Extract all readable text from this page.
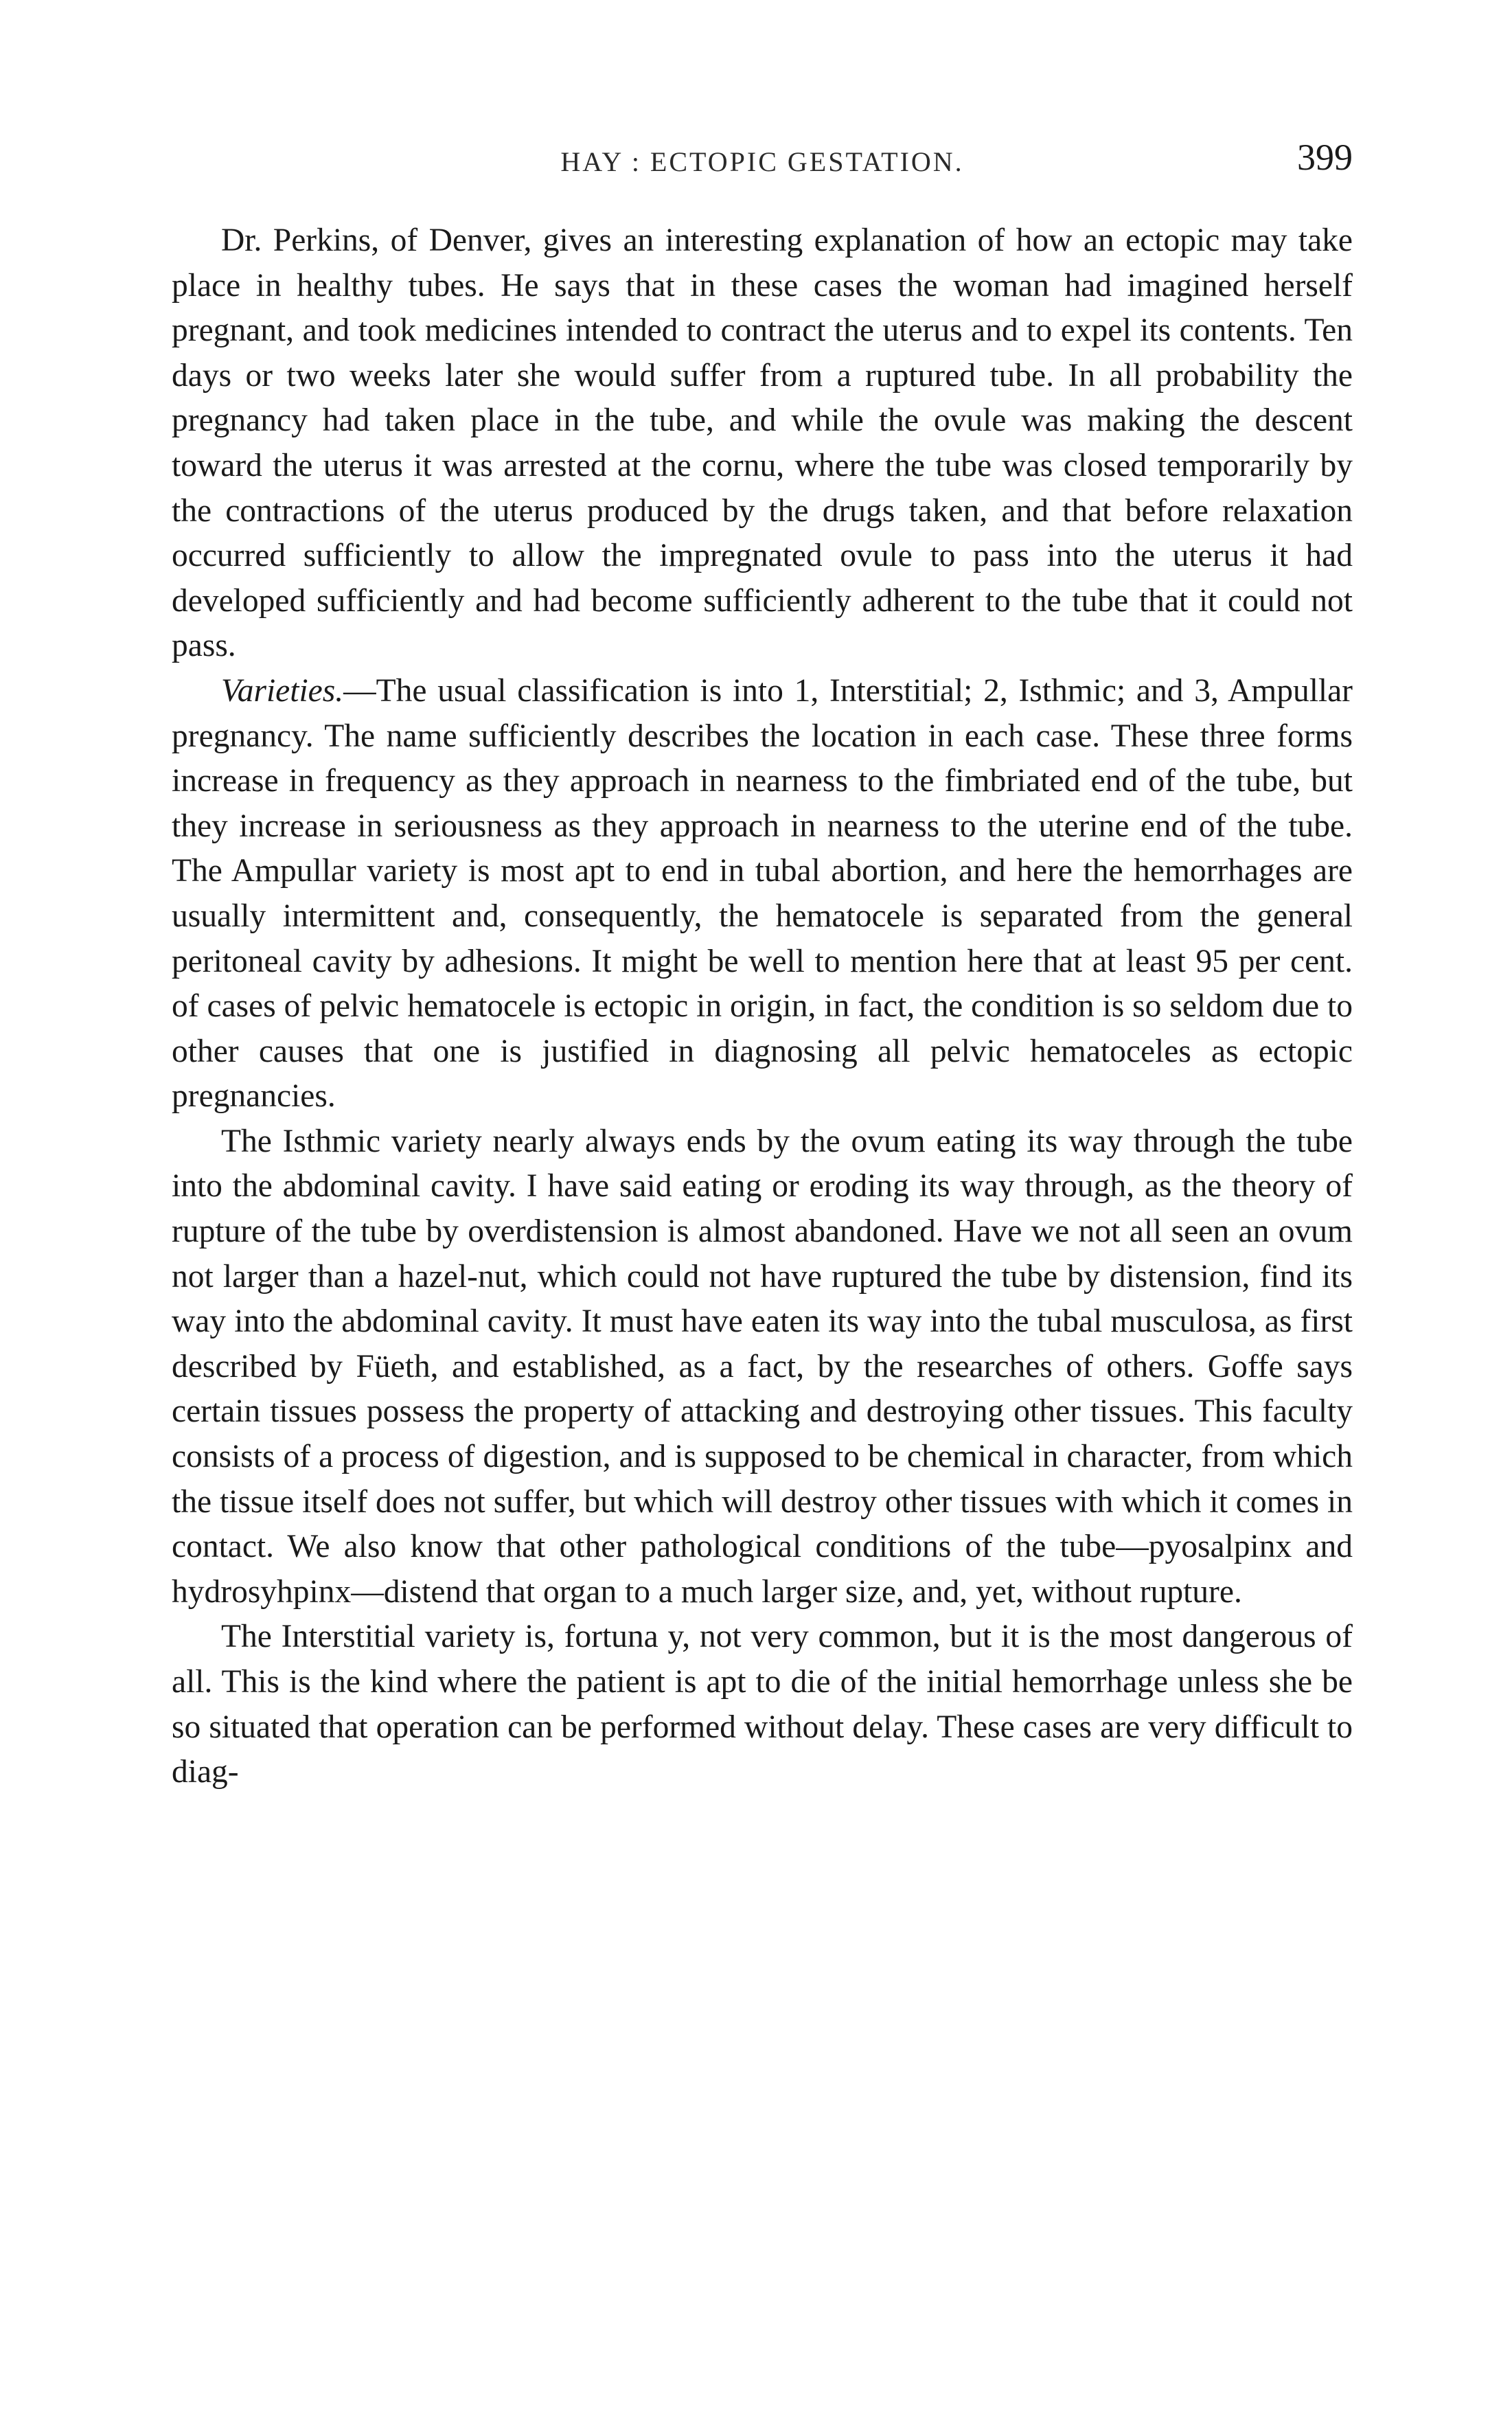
HAY : ECTOPIC GESTATION.	399

Dr. Perkins, of Denver, gives an interesting explanation of how an ectopic may take place in healthy tubes. He says that in these cases the woman had imagined herself pregnant, and took medicines intended to contract the uterus and to expel its contents. Ten days or two weeks later she would suffer from a ruptured tube. In all probability the pregnancy had taken place in the tube, and while the ovule was making the descent toward the uterus it was arrested at the cornu, where the tube was closed temporarily by the contractions of the uterus produced by the drugs taken, and that before relaxation occurred sufficiently to allow the impregnated ovule to pass into the uterus it had developed sufficiently and had become sufficiently adherent to the tube that it could not pass.

Varieties.—The usual classification is into 1, Interstitial; 2, Isthmic; and 3, Ampullar pregnancy. The name sufficiently describes the location in each case. These three forms increase in frequency as they approach in nearness to the fimbriated end of the tube, but they increase in seriousness as they approach in nearness to the uterine end of the tube. The Ampullar variety is most apt to end in tubal abortion, and here the hemorrhages are usually intermittent and, consequently, the hematocele is separated from the general peritoneal cavity by adhesions. It might be well to mention here that at least 95 per cent. of cases of pelvic hematocele is ectopic in origin, in fact, the condition is so seldom due to other causes that one is justified in diagnosing all pelvic hematoceles as ectopic pregnancies.

The Isthmic variety nearly always ends by the ovum eating its way through the tube into the abdominal cavity. I have said eating or eroding its way through, as the theory of rupture of the tube by overdistension is almost abandoned. Have we not all seen an ovum not larger than a hazel-nut, which could not have ruptured the tube by distension, find its way into the abdominal cavity. It must have eaten its way into the tubal musculosa, as first described by Füeth, and established, as a fact, by the researches of others. Goffe says certain tissues possess the property of attacking and destroying other tissues. This faculty consists of a process of digestion, and is supposed to be chemical in character, from which the tissue itself does not suffer, but which will destroy other tissues with which it comes in contact. We also know that other pathological conditions of the tube—pyosalpinx and hydrosyhpinx—distend that organ to a much larger size, and, yet, without rupture.

The Interstitial variety is, fortuna y, not very common, but it is the most dangerous of all. This is the kind where the patient is apt to die of the initial hemorrhage unless she be so situated that operation can be performed without delay. These cases are very difficult to diag-
